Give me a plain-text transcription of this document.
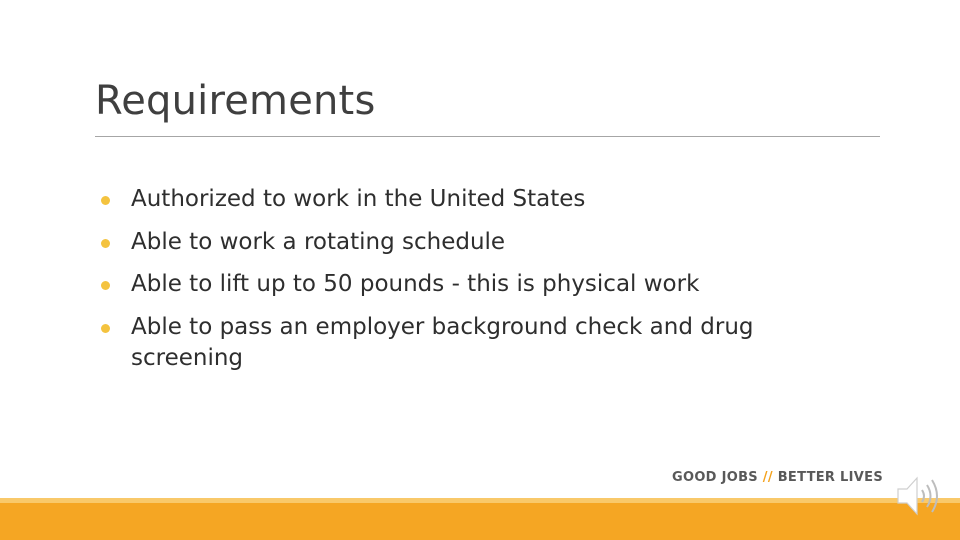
Requirements
Authorized to work in the United States
Able to work a rotating schedule
Able to lift up to 50 pounds - this is physical work
Able to pass an employer background check and drug screening
GOOD JOBS // BETTER LIVES
